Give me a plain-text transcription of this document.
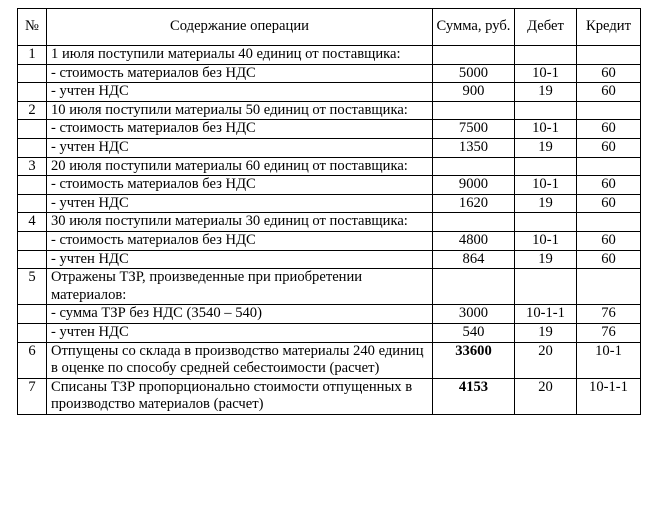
№	Содержание операции	Сумма, руб.	Дебет	Кредит
1	1 июля поступили материалы 40 единиц от поставщика:			
	- стоимость материалов без НДС	5000	10-1	60
	- учтен НДС	900	19	60
2	10 июля поступили материалы 50 единиц от поставщика:			
	- стоимость материалов без НДС	7500	10-1	60
	- учтен НДС	1350	19	60
3	20 июля поступили материалы 60 единиц от поставщика:			
	- стоимость материалов без НДС	9000	10-1	60
	- учтен НДС	1620	19	60
4	30 июля поступили материалы 30 единиц от поставщика:			
	- стоимость материалов без НДС	4800	10-1	60
	- учтен НДС	864	19	60
5	Отражены ТЗР, произведенные при приобретении материалов:			
	- сумма ТЗР без НДС (3540 – 540)	3000	10-1-1	76
	- учтен НДС	540	19	76
6	Отпущены со склада в производство материалы 240 единиц в оценке по способу средней себестоимости (расчет)	33600	20	10-1
7	Списаны ТЗР пропорционально стоимости отпущенных в производство материалов (расчет)	4153	20	10-1-1
